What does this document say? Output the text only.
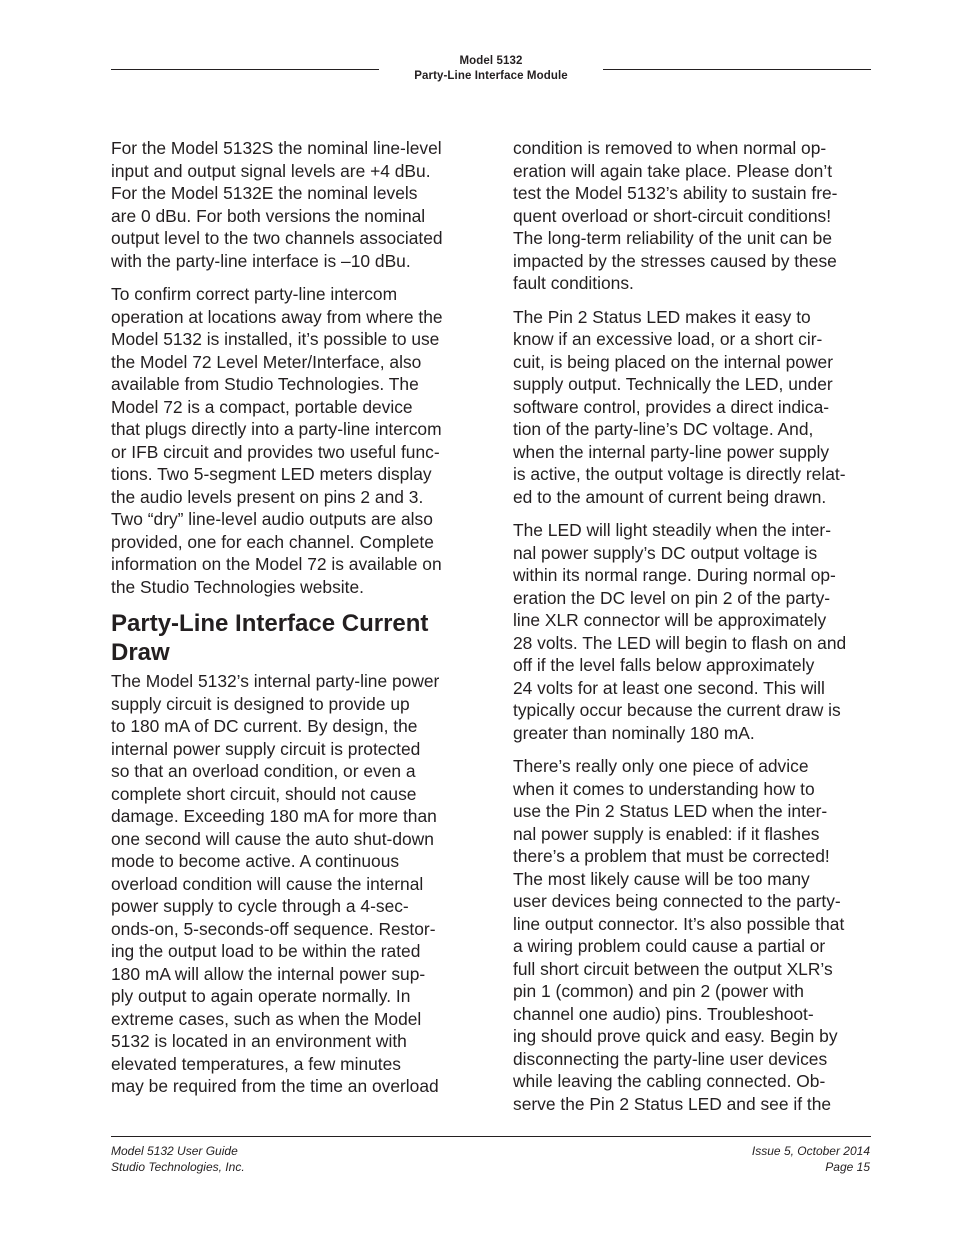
Model 5132
Party-Line Interface Module

For the Model 5132S the nominal line-level
input and output signal levels are +4 dBu.
For the Model 5132E the nominal levels
are 0 dBu. For both versions the nominal
output level to the two channels associated
with the party-line interface is –10 dBu.

To confirm correct party-line intercom
operation at locations away from where the
Model 5132 is installed, it’s possible to use
the Model 72 Level Meter/Interface, also
available from Studio Technologies. The
Model 72 is a compact, portable device
that plugs directly into a party-line intercom
or IFB circuit and provides two useful func-
tions. Two 5-segment LED meters display
the audio levels present on pins 2 and 3.
Two “dry” line-level audio outputs are also
provided, one for each channel. Complete
information on the Model 72 is available on
the Studio Technologies website.

Party-Line Interface Current
Draw

The Model 5132’s internal party-line power
supply circuit is designed to provide up
to 180 mA of DC current. By design, the
internal power supply circuit is protected
so that an overload condition, or even a
complete short circuit, should not cause
damage. Exceeding 180 mA for more than
one second will cause the auto shut-down
mode to become active. A continuous
overload condition will cause the internal
power supply to cycle through a 4-sec-
onds-on, 5-seconds-off sequence. Restor-
ing the output load to be within the rated
180 mA will allow the internal power sup-
ply output to again operate normally. In
extreme cases, such as when the Model
5132 is located in an environment with
elevated temperatures, a few minutes
may be required from the time an overload

condition is removed to when normal op-
eration will again take place. Please don’t
test the Model 5132’s ability to sustain fre-
quent overload or short-circuit conditions!
The long-term reliability of the unit can be
impacted by the stresses caused by these
fault conditions.

The Pin 2 Status LED makes it easy to
know if an excessive load, or a short cir-
cuit, is being placed on the internal power
supply output. Technically the LED, under
software control, provides a direct indica-
tion of the party-line’s DC voltage. And,
when the internal party-line power supply
is active, the output voltage is directly relat-
ed to the amount of current being drawn.

The LED will light steadily when the inter-
nal power supply’s DC output voltage is
within its normal range. During normal op-
eration the DC level on pin 2 of the party-
line XLR connector will be approximately
28 volts. The LED will begin to flash on and
off if the level falls below approximately
24 volts for at least one second. This will
typically occur because the current draw is
greater than nominally 180 mA.

There’s really only one piece of advice
when it comes to understanding how to
use the Pin 2 Status LED when the inter-
nal power supply is enabled: if it flashes
there’s a problem that must be corrected!
The most likely cause will be too many
user devices being connected to the party-
line output connector. It’s also possible that
a wiring problem could cause a partial or
full short circuit between the output XLR’s
pin 1 (common) and pin 2 (power with
channel one audio) pins. Troubleshoot-
ing should prove quick and easy. Begin by
disconnecting the party-line user devices
while leaving the cabling connected. Ob-
serve the Pin 2 Status LED and see if the

Model 5132 User Guide
Studio Technologies, Inc.
Issue 5, October 2014
Page 15
